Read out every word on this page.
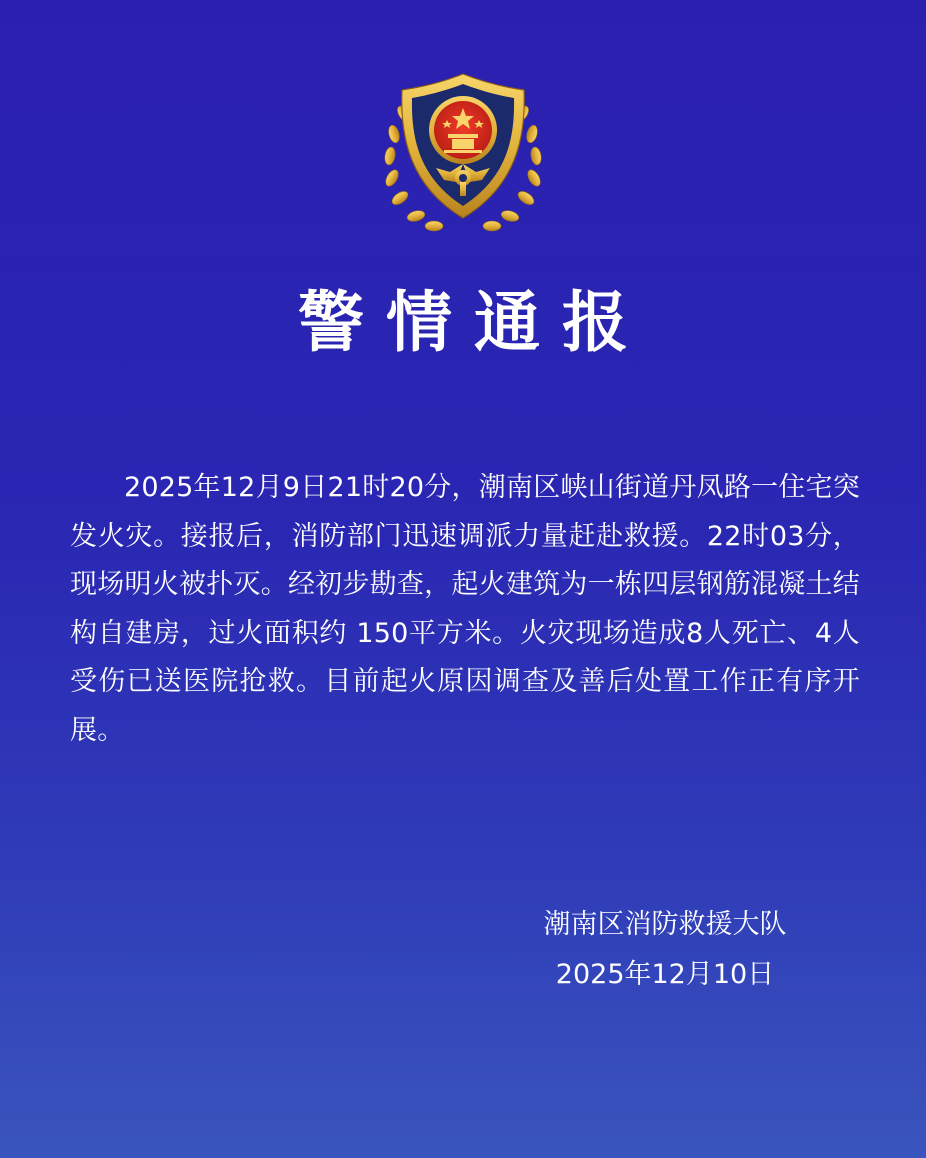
警情通报

2025年12月9日21时20分，潮南区峡山街道丹凤路一住宅突发火灾。接报后，消防部门迅速调派力量赶赴救援。22时03分，现场明火被扑灭。经初步勘查，起火建筑为一栋四层钢筋混凝土结构自建房，过火面积约 150平方米。火灾现场造成8人死亡、4人受伤已送医院抢救。目前起火原因调查及善后处置工作正有序开展。

潮南区消防救援大队
2025年12月10日
